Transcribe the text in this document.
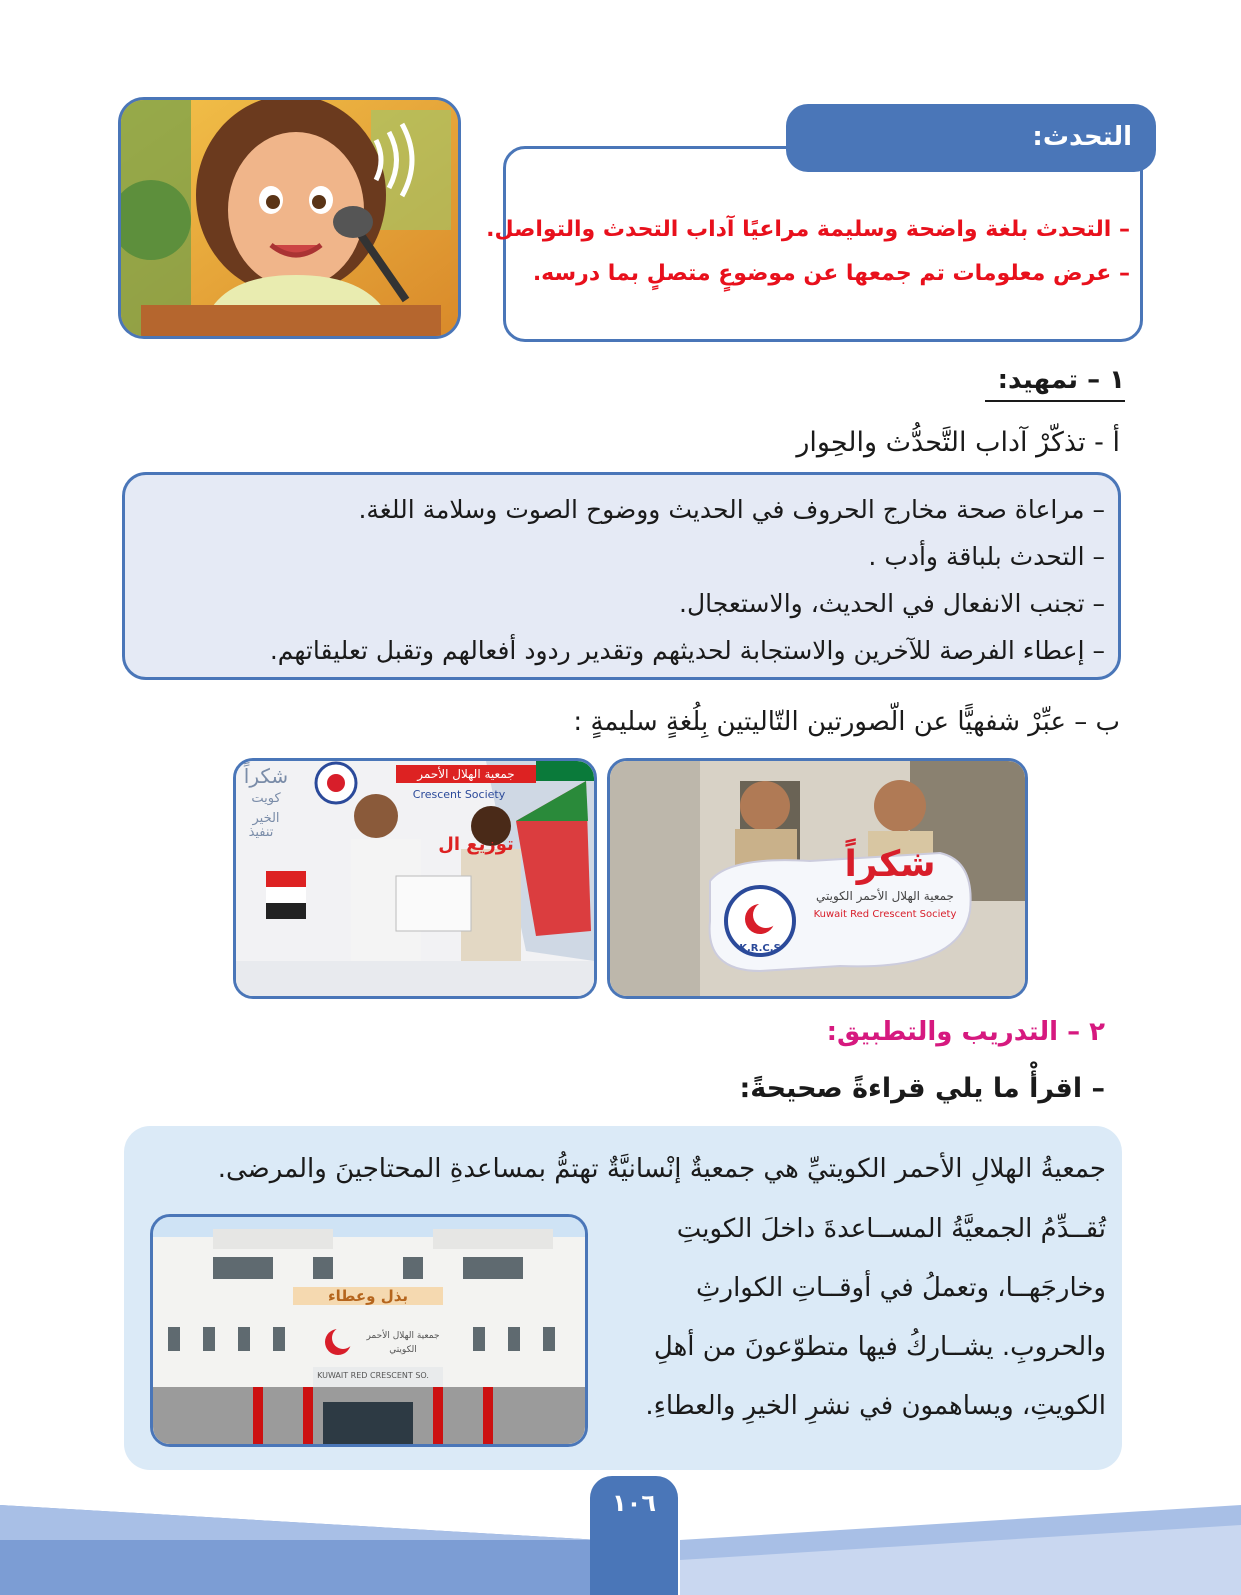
التحدث:
– التحدث بلغة واضحة وسليمة مراعيًا آداب التحدث والتواصل.
– عرض معلومات تم جمعها عن موضوعٍ متصلٍ بما درسه.
١ – تمهيد:
أ - تذكّرْ آداب التَّحدُّث والحِوار
– مراعاة صحة مخارج الحروف في الحديث ووضوح الصوت وسلامة اللغة.
– التحدث بلباقة وأدب .
– تجنب الانفعال في الحديث، والاستعجال.
– إعطاء الفرصة للآخرين والاستجابة لحديثهم وتقدير ردود أفعالهم وتقبل تعليقاتهم.
ب – عبِّرْ شفهيًّا عن الّصورتين التّاليتين بِلُغةٍ سليمةٍ :
شكراً
جمعية الهلال الأحمر الكويتي
Kuwait Red Crescent Society
K.R.C.S
شكراً
كويت الخير
تنفيذ
جمعية الهلال الأحمر
Crescent Society
توزيع ال
٢ – التدريب والتطبيق:
– اقرأْ ما يلي قراءةً صحيحةً:
جمعيةُ الهلالِ الأحمر الكويتيِّ هي جمعيةٌ إنْسانيَّةٌ تهتمُّ بمساعدةِ المحتاجينَ والمرضى.
تُقــدِّمُ الجمعيَّةُ المســاعدةَ داخلَ الكويتِ
وخارجَهــا، وتعملُ في أوقــاتِ الكوارثِ
والحروبِ. يشــاركُ فيها متطوّعونَ من أهلِ
الكويتِ، ويساهمون في نشرِ الخيرِ والعطاءِ.
بذل وعطاء
جمعية الهلال الأحمر الكويتي
KUWAIT RED CRESCENT SO.
١٠٦
